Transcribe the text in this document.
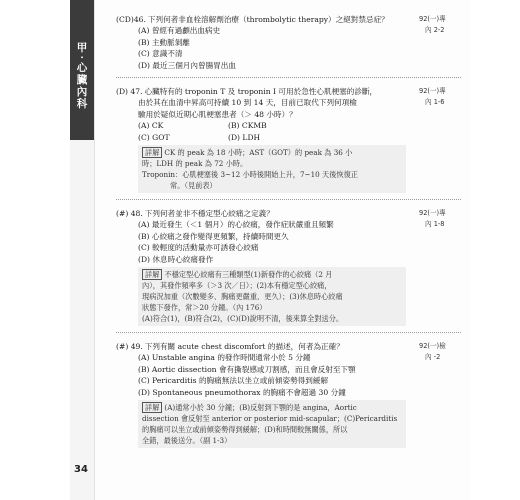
甲
・
心
臟
內
科
34
92(一)專
內 2-2
(CD)46. 下列何者非血栓溶解劑治療（thrombolytic therapy）之絕對禁忌症？
(A) 曾經有過顱出血病史
(B) 主動脈剝離
(C) 意識不清
(D) 最近三個月內曾腸胃出血
92(一)專
內 1-6
(D) 47. 心臟特有的 troponin T 及 troponin I 可用於急性心肌梗塞的診斷，
由於其在血清中昇高可持續 10 到 14 天，目前已取代下列何項檢
驗用於疑似近期心肌梗塞患者（＞ 48 小時）？
(A) CK	(B) CKMB
(C) GOT	(D) LDH
詳解 CK 的 peak 為 18 小時；AST（GOT）的 peak 為 36 小
時；LDH 的 peak 為 72 小時。
Troponin：心肌梗塞後 3~12 小時後開始上升，7~10 天後恢復正
常。（見前表）
92(一)專
內 1-8
(#) 48. 下列何者並非不穩定型心絞痛之定義？
(A) 最近發生（＜1 個月）的心絞痛，發作症狀嚴重且頻繁
(B) 心絞痛之發作變得更頻繁，持續時間更久
(C) 較輕度的活動量亦可誘發心絞痛
(D) 休息時心絞痛發作
詳解 不穩定型心絞痛有三種類型(1)新發作的心絞痛（2 月
內），其發作頻率多（＞3 次／日）；(2)本有穩定型心絞痛，
現病況加重（次數變多、胸痛更嚴重、更久）；(3)休息時心絞痛
狀態下發作，常＞20 分鐘。（內 176）
(A)符合(1)，(B)符合(2)，(C)(D)說明不清，後來算全對送分。
92(一)檢
內 -2
(#) 49. 下列有關 acute chest discomfort 的描述，何者為正確？
(A) Unstable angina 的發作時間通常小於 5 分鐘
(B) Aortic dissection 會有撕裂感或刀割感，而且會反射至下顎
(C) Pericarditis 的胸痛無法以坐立或前傾姿勢得到緩解
(D) Spontaneous pneumothorax 的胸痛不會超過 30 分鐘
詳解 (A)通常小於 30 分鐘；(B)反射到下顎的是 angina，Aortic
dissection 會反射至 anterior or posterior mid-scapular；(C)Pericarditis
的胸痛可以坐立或前傾姿勢得到緩解；(D)和時間較無關係，所以
全錯，最後送分。（副 1-3）
